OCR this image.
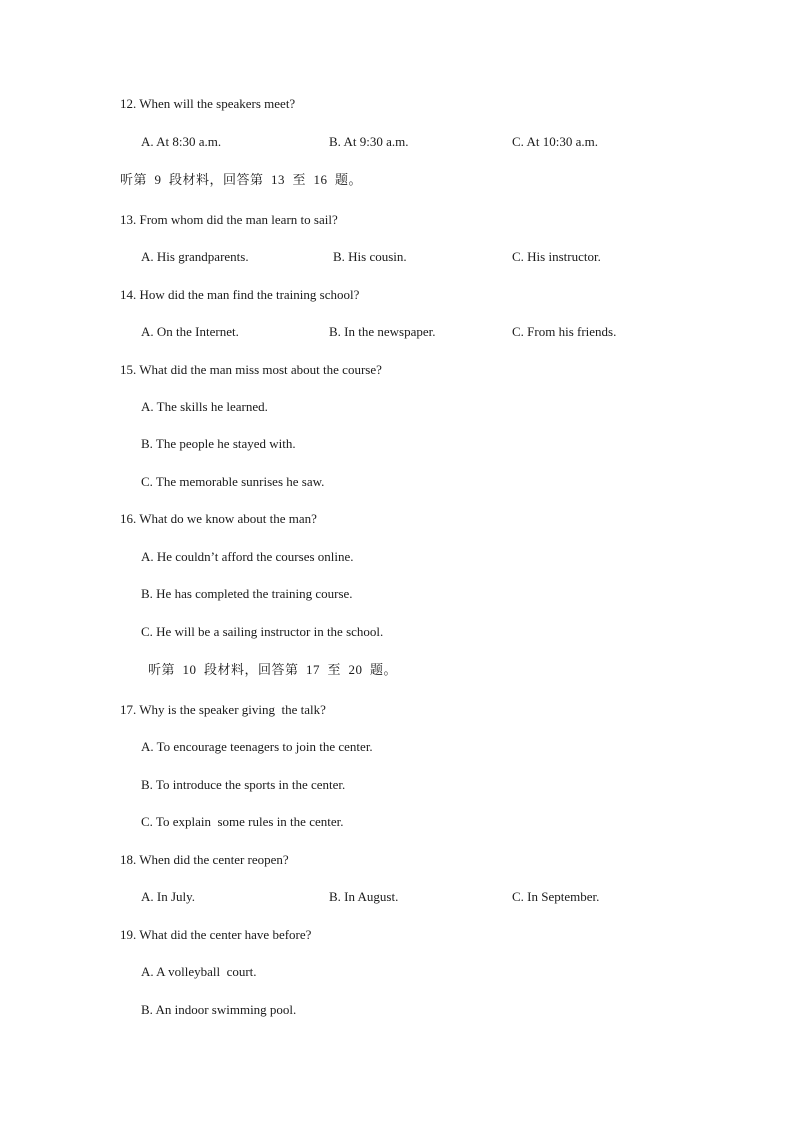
12. When will the speakers meet?
A. At 8:30 a.m.	B. At 9:30 a.m.	C. At 10:30 a.m.
听第  9  段材料，回答第  13  至  16  题。
13. From whom did the man learn to sail?
A. His grandparents.	B. His cousin.	C. His instructor.
14. How did the man find the training school?
A. On the Internet.	B. In the newspaper.	C. From his friends.
15. What did the man miss most about the course?
A. The skills he learned.
B. The people he stayed with.
C. The memorable sunrises he saw.
16. What do we know about the man?
A. He couldn’t afford the courses online.
B. He has completed the training course.
C. He will be a sailing instructor in the school.
听第  10  段材料，回答第  17  至  20  题。
17. Why is the speaker giving  the talk?
A. To encourage teenagers to join the center.
B. To introduce the sports in the center.
C. To explain  some rules in the center.
18. When did the center reopen?
A. In July.	B. In August.	C. In September.
19. What did the center have before?
A. A volleyball  court.
B. An indoor swimming pool.
